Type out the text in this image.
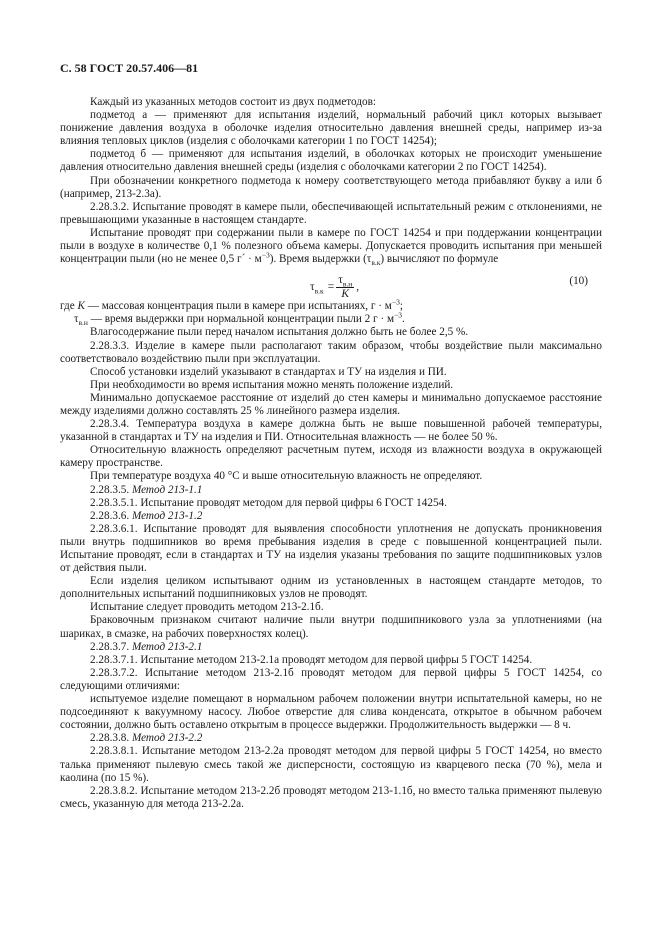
С. 58 ГОСТ 20.57.406—81

Каждый из указанных методов состоит из двух подметодов:

подметод а — применяют для испытания изделий, нормальный рабочий цикл которых вызывает понижение давления воздуха в оболочке изделия относительно давления внешней среды, например из-за влияния тепловых циклов (изделия с оболочками категории 1 по ГОСТ 14254);

подметод б — применяют для испытания изделий, в оболочках которых не происходит уменьшение давления относительно давления внешней среды (изделия с оболочками категории 2 по ГОСТ 14254).

При обозначении конкретного подметода к номеру соответствующего метода прибавляют букву а или б (например, 213-2.3а).

2.28.3.2. Испытание проводят в камере пыли, обеспечивающей испытательный режим с отклонениями, не превышающими указанные в настоящем стандарте.

Испытание проводят при содержании пыли в камере по ГОСТ 14254 и при поддержании концентрации пыли в воздухе в количестве 0,1 % полезного объема камеры. Допускается проводить испытания при меньшей концентрации пыли (но не менее 0,5 г´ · $м^{-3}$). Время выдержки $(\tau_{в.к})$ вычисляют по формуле

$\tau_{в.к} = \frac{\tau_{в.н}}{K}$ ,	(10)

где K — массовая концентрация пыли в камере при испытаниях, $г \cdot м^{-3}$;

$\tau_{в.н}$ — время выдержки при нормальной концентрации пыли 2 $г \cdot м^{-3}$.

Влагосодержание пыли перед началом испытания должно быть не более 2,5 %.

2.28.3.3. Изделие в камере пыли располагают таким образом, чтобы воздействие пыли максимально соответствовало воздействию пыли при эксплуатации.

Способ установки изделий указывают в стандартах и ТУ на изделия и ПИ.

При необходимости во время испытания можно менять положение изделий.

Минимально допускаемое расстояние от изделий до стен камеры и минимально допускаемое расстояние между изделиями должно составлять 25 % линейного размера изделия.

2.28.3.4. Температура воздуха в камере должна быть не выше повышенной рабочей температуры, указанной в стандартах и ТУ на изделия и ПИ. Относительная влажность — не более 50 %.

Относительную влажность определяют расчетным путем, исходя из влажности воздуха в окружающей камеру пространстве.

При температуре воздуха 40 °С и выше относительную влажность не определяют.

2.28.3.5. Метод 213-1.1

2.28.3.5.1. Испытание проводят методом для первой цифры 6 ГОСТ 14254.

2.28.3.6. Метод 213-1.2

2.28.3.6.1. Испытание проводят для выявления способности уплотнения не допускать проникновения пыли внутрь подшипников во время пребывания изделия в среде с повышенной концентрацией пыли. Испытание проводят, если в стандартах и ТУ на изделия указаны требования по защите подшипниковых узлов от действия пыли.

Если изделия целиком испытывают одним из установленных в настоящем стандарте методов, то дополнительных испытаний подшипниковых узлов не проводят.

Испытание следует проводить методом 213-2.1б.

Браковочным признаком считают наличие пыли внутри подшипникового узла за уплотнениями (на шариках, в смазке, на рабочих поверхностях колец).

2.28.3.7. Метод 213-2.1

2.28.3.7.1. Испытание методом 213-2.1а проводят методом для первой цифры 5 ГОСТ 14254.

2.28.3.7.2. Испытание методом 213-2.1б проводят методом для первой цифры 5 ГОСТ 14254, со следующими отличиями:

испытуемое изделие помещают в нормальном рабочем положении внутри испытательной камеры, но не подсоединяют к вакуумному насосу. Любое отверстие для слива конденсата, открытое в обычном рабочем состоянии, должно быть оставлено открытым в процессе выдержки. Продолжительность выдержки — 8 ч.

2.28.3.8. Метод 213-2.2

2.28.3.8.1. Испытание методом 213-2.2а проводят методом для первой цифры 5 ГОСТ 14254, но вместо талька применяют пылевую смесь такой же дисперсности, состоящую из кварцевого песка (70 %), мела и каолина (по 15 %).

2.28.3.8.2. Испытание методом 213-2.2б проводят методом 213-1.1б, но вместо талька применяют пылевую смесь, указанную для метода 213-2.2а.
